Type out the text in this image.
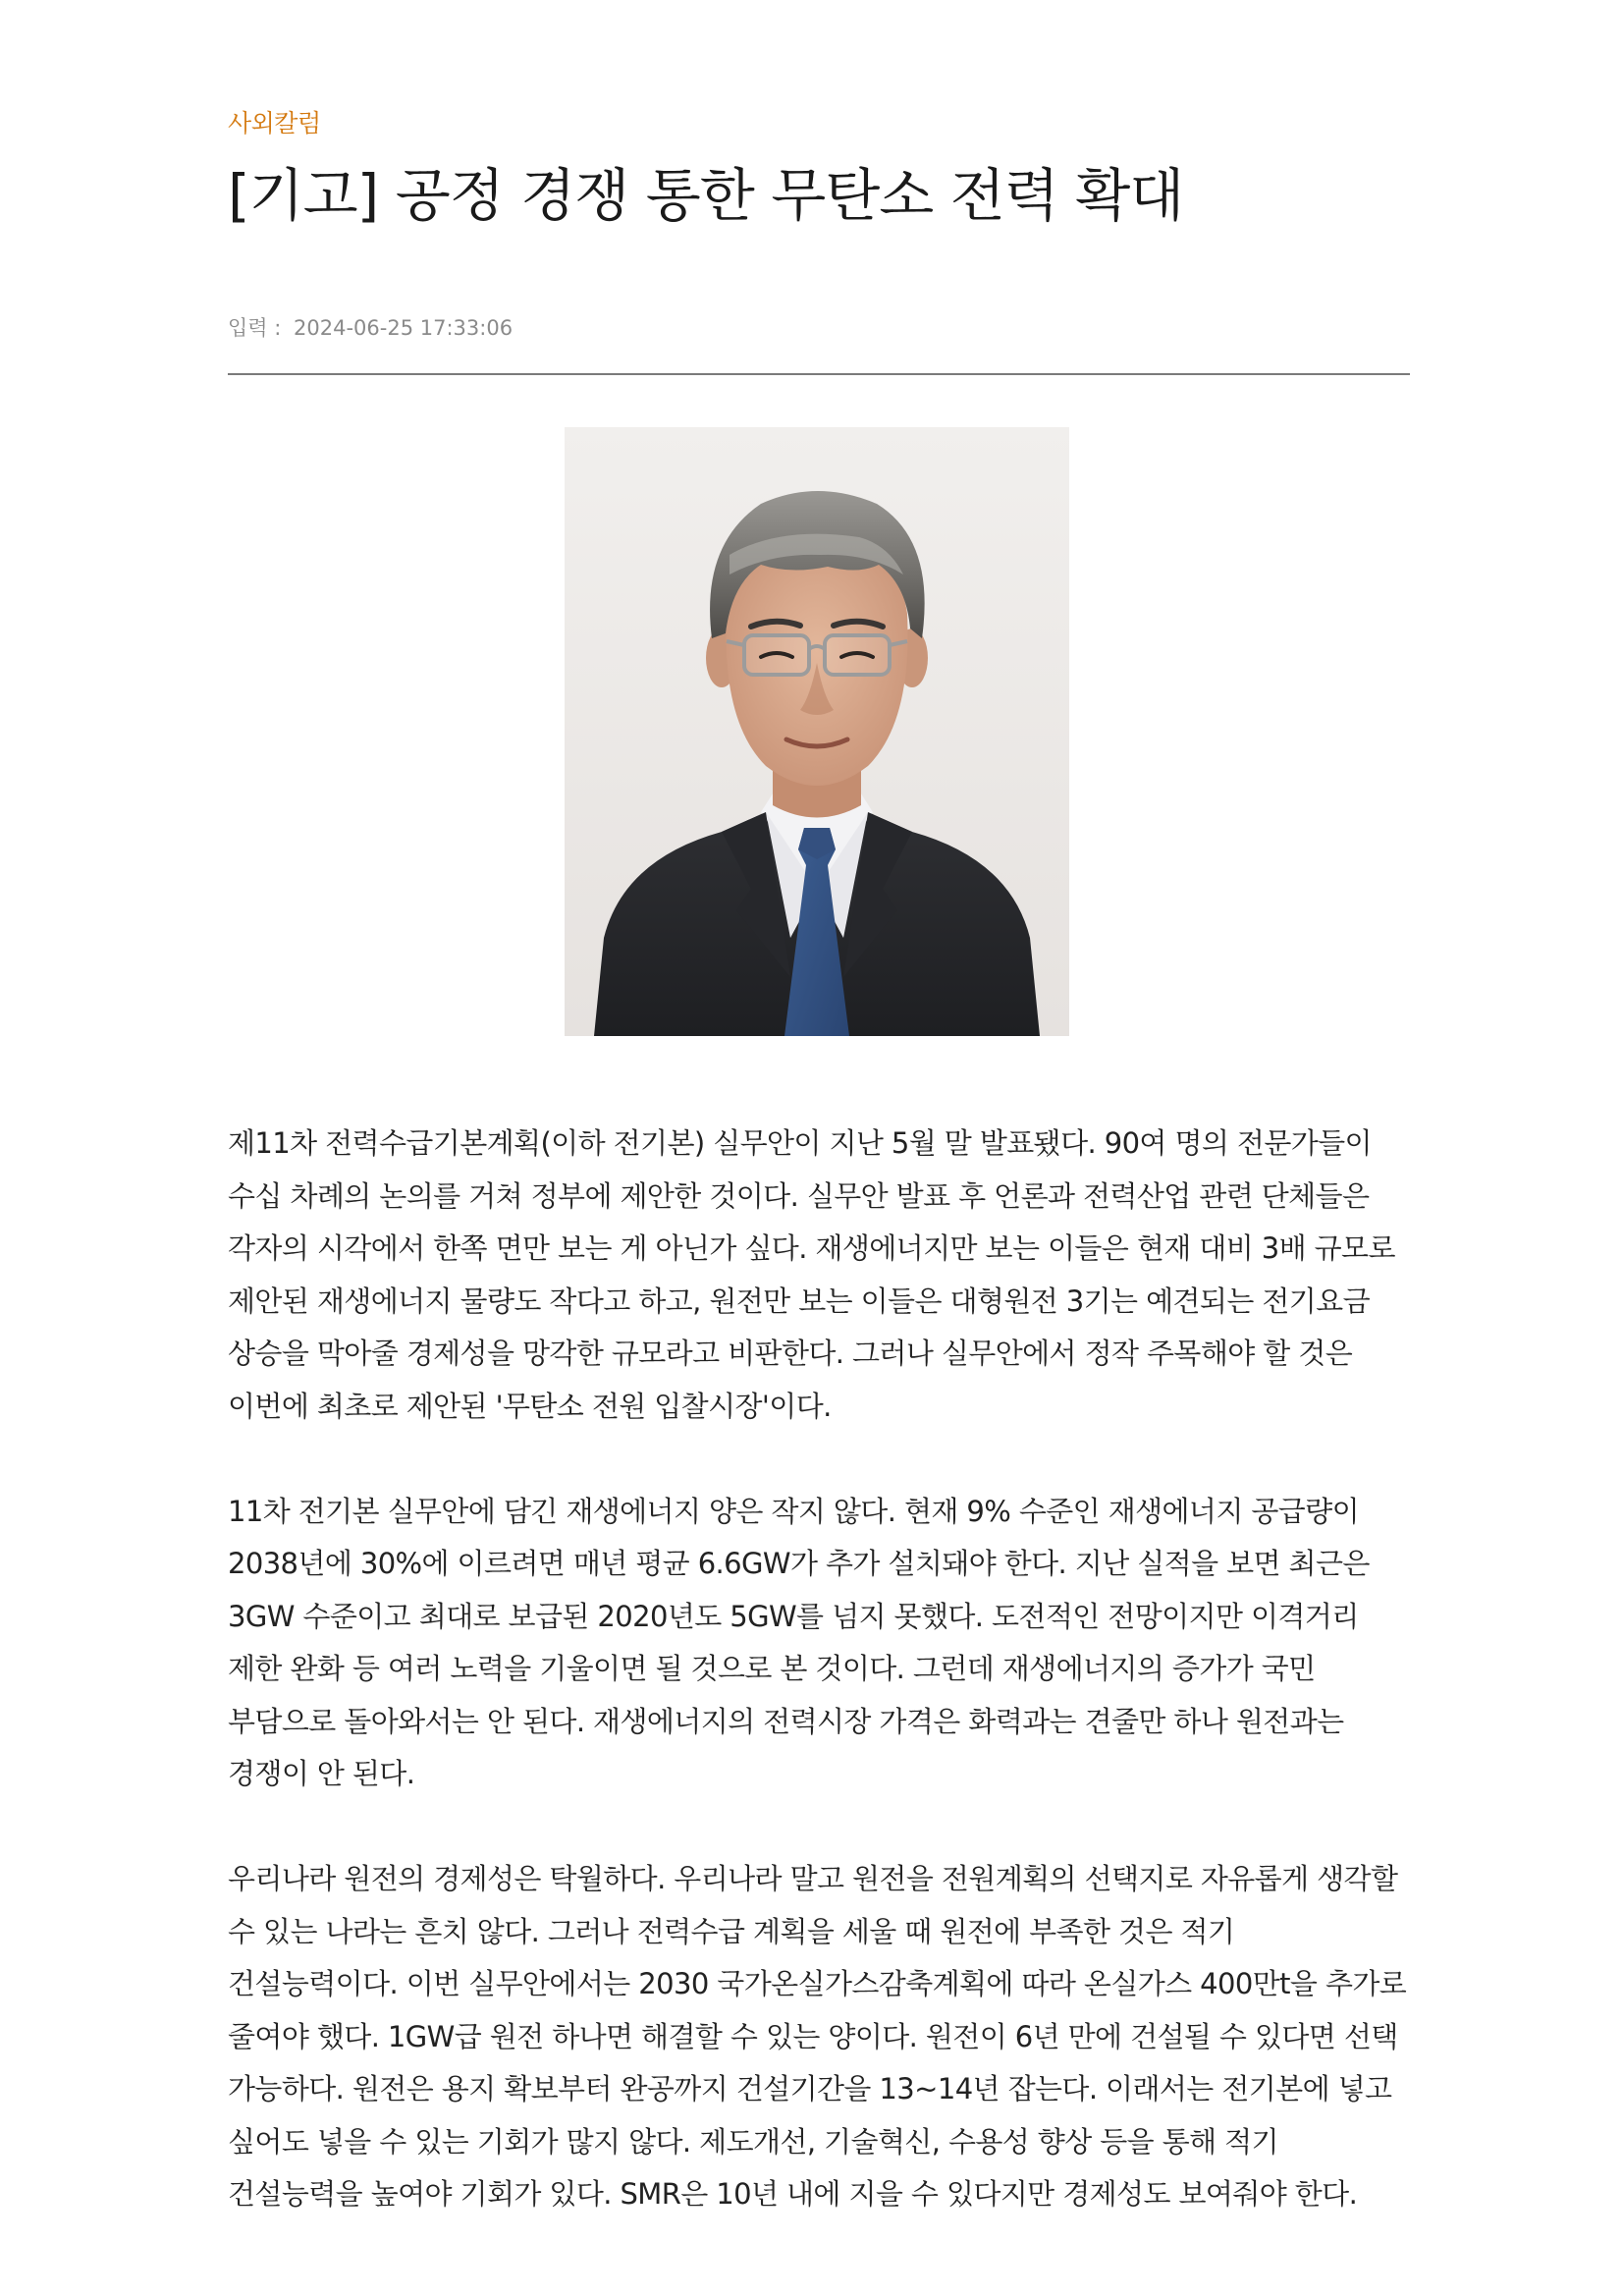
사외칼럼
[기고] 공정 경쟁 통한 무탄소 전력 확대
입력 : 2024-06-25 17:33:06

제11차 전력수급기본계획(이하 전기본) 실무안이 지난 5월 말 발표됐다. 90여 명의 전문가들이 수십 차례의 논의를 거쳐 정부에 제안한 것이다. 실무안 발표 후 언론과 전력산업 관련 단체들은 각자의 시각에서 한쪽 면만 보는 게 아닌가 싶다. 재생에너지만 보는 이들은 현재 대비 3배 규모로 제안된 재생에너지 물량도 작다고 하고, 원전만 보는 이들은 대형원전 3기는 예견되는 전기요금 상승을 막아줄 경제성을 망각한 규모라고 비판한다. 그러나 실무안에서 정작 주목해야 할 것은 이번에 최초로 제안된 '무탄소 전원 입찰시장'이다.

11차 전기본 실무안에 담긴 재생에너지 양은 작지 않다. 현재 9% 수준인 재생에너지 공급량이 2038년에 30%에 이르려면 매년 평균 6.6GW가 추가 설치돼야 한다. 지난 실적을 보면 최근은 3GW 수준이고 최대로 보급된 2020년도 5GW를 넘지 못했다. 도전적인 전망이지만 이격거리 제한 완화 등 여러 노력을 기울이면 될 것으로 본 것이다. 그런데 재생에너지의 증가가 국민 부담으로 돌아와서는 안 된다. 재생에너지의 전력시장 가격은 화력과는 견줄만 하나 원전과는 경쟁이 안 된다.

우리나라 원전의 경제성은 탁월하다. 우리나라 말고 원전을 전원계획의 선택지로 자유롭게 생각할 수 있는 나라는 흔치 않다. 그러나 전력수급 계획을 세울 때 원전에 부족한 것은 적기 건설능력이다. 이번 실무안에서는 2030 국가온실가스감축계획에 따라 온실가스 400만t을 추가로 줄여야 했다. 1GW급 원전 하나면 해결할 수 있는 양이다. 원전이 6년 만에 건설될 수 있다면 선택 가능하다. 원전은 용지 확보부터 완공까지 건설기간을 13~14년 잡는다. 이래서는 전기본에 넣고 싶어도 넣을 수 있는 기회가 많지 않다. 제도개선, 기술혁신, 수용성 향상 등을 통해 적기 건설능력을 높여야 기회가 있다. SMR은 10년 내에 지을 수 있다지만 경제성도 보여줘야 한다.
